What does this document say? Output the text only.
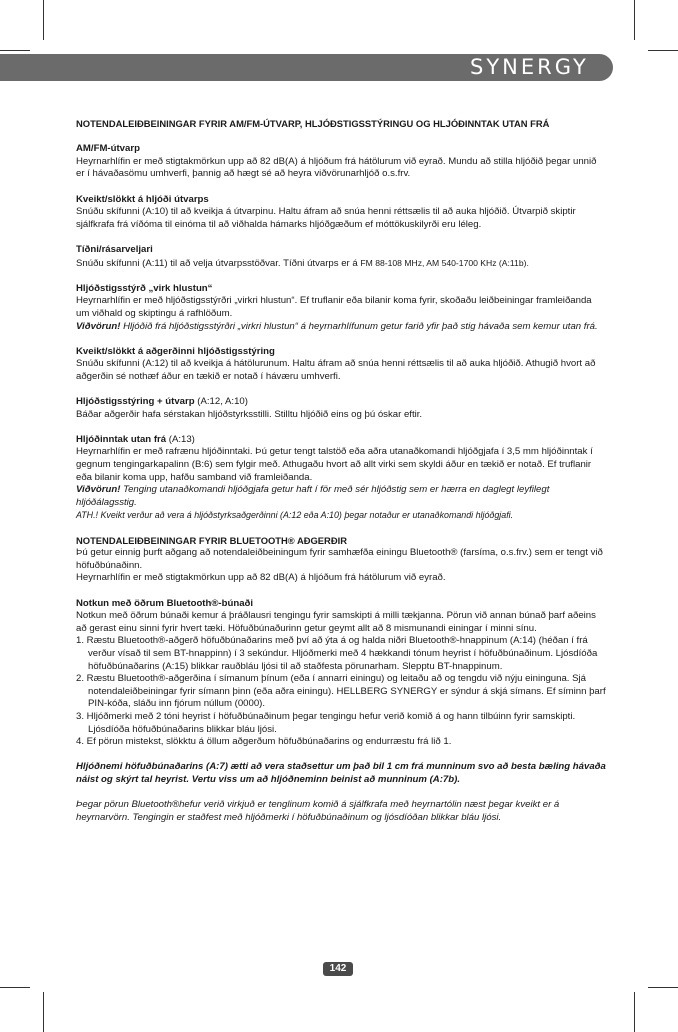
SYNERGY

NOTENDALEIÐBEININGAR FYRIR AM/FM-ÚTVARP, HLJÓÐSTIGSSTÝRINGU OG HLJÓÐINNTAK UTAN FRÁ

AM/FM-útvarp

Heyrnarhlífin er með stigtakmörkun upp að 82 dB(A) á hljóðum frá hátölurum við eyrað. Mundu að stilla hljóðið þegar unnið er í hávaðasömu umhverfi, þannig að hægt sé að heyra viðvörunarhljóð o.s.frv.

Kveikt/slökkt á hljóði útvarps

Snúðu skífunni (A:10) til að kveikja á útvarpinu. Haltu áfram að snúa henni réttsælis til að auka hljóðið. Útvarpið skiptir sjálfkrafa frá víðóma til einóma til að viðhalda hámarks hljóðgæðum ef móttökuskilyrði eru léleg.

Tíðni/rásarveljari

Snúðu skífunni (A:11) til að velja útvarpsstöðvar. Tíðni útvarps er á FM 88-108 MHz, AM 540-1700 KHz (A:11b).

Hljóðstigsstýrð „virk hlustun“

Heyrnarhlífin er með hljóðstigsstýrðri „virkri hlustun“. Ef truflanir eða bilanir koma fyrir, skoðaðu leiðbeiningar framleiðanda um viðhald og skiptingu á rafhlöðum.

Viðvörun! Hljóðið frá hljóðstigsstýrðri „virkri hlustun“ á heyrnarhlífunum getur farið yfir það stig hávaða sem kemur utan frá.

Kveikt/slökkt á aðgerðinni hljóðstigsstýring

Snúðu skífunni (A:12) til að kveikja á hátölurunum. Haltu áfram að snúa henni réttsælis til að auka hljóðið. Athugið hvort að aðgerðin sé nothæf áður en tækið er notað í háværu umhverfi.

Hljóðstigsstýring + útvarp (A:12, A:10)

Báðar aðgerðir hafa sérstakan hljóðstyrksstilli. Stilltu hljóðið eins og þú óskar eftir.

Hljóðinntak utan frá (A:13)

Heyrnarhlífin er með rafrænu hljóðinntaki. Þú getur tengt talstöð eða aðra utanaðkomandi hljóðgjafa í 3,5 mm hljóðinntak í gegnum tengingarkapalinn (B:6) sem fylgir með. Athugaðu hvort að allt virki sem skyldi áður en tækið er notað. Ef truflanir eða bilanir koma upp, hafðu samband við framleiðanda.

Viðvörun! Tenging utanaðkomandi hljóðgjafa getur haft í för með sér hljóðstig sem er hærra en daglegt leyfilegt hljóðálagsstig.

ATH.! Kveikt verður að vera á hljóðstyrksaðgerðinni (A:12 eða A:10) þegar notaður er utanaðkomandi hljóðgjafi.

NOTENDALEIÐBEININGAR FYRIR BLUETOOTH® AÐGERÐIR

Þú getur einnig þurft aðgang að notendaleiðbeiningum fyrir samhæfða einingu Bluetooth® (farsíma, o.s.frv.) sem er tengt við höfuðbúnaðinn.

Heyrnarhlífin er með stigtakmörkun upp að 82 dB(A) á hljóðum frá hátölurum við eyrað.

Notkun með öðrum Bluetooth®-búnaði

Notkun með öðrum búnaði kemur á þráðlausri tengingu fyrir samskipti á milli tækjanna. Pörun við annan búnað þarf aðeins að gerast einu sinni fyrir hvert tæki. Höfuðbúnaðurinn getur geymt allt að 8 mismunandi einingar í minni sínu.

1. Ræstu Bluetooth®-aðgerð höfuðbúnaðarins með því að ýta á og halda niðri Bluetooth®-hnappinum (A:14) (héðan í frá verður vísað til sem BT-hnappinn) í 3 sekúndur. Hljóðmerki með 4 hækkandi tónum heyrist í höfuðbúnaðinum. Ljósdíóða höfuðbúnaðarins (A:15) blikkar rauðbláu ljósi til að staðfesta pörunarham. Slepptu BT-hnappinum.
2. Ræstu Bluetooth®-aðgerðina í símanum þínum (eða í annarri einingu) og leitaðu að og tengdu við nýju eininguna. Sjá notendaleiðbeiningar fyrir símann þinn (eða aðra einingu). HELLBERG SYNERGY er sýndur á skjá símans. Ef síminn þarf PIN-kóða, sláðu inn fjórum núllum (0000).
3. Hljóðmerki með 2 tóni heyrist í höfuðbúnaðinum þegar tengingu hefur verið komið á og hann tilbúinn fyrir samskipti. Ljósdíóða höfuðbúnaðarins blikkar bláu ljósi.
4. Ef pörun mistekst, slökktu á öllum aðgerðum höfuðbúnaðarins og endurræstu frá lið 1.

Hljóðnemi höfuðbúnaðarins (A:7) ætti að vera staðsettur um það bil 1 cm frá munninum svo að besta bæling hávaða náist og skýrt tal heyrist. Vertu viss um að hljóðneminn beinist að munninum (A:7b).

Þegar pörun Bluetooth®hefur verið virkjuð er tenglinum komið á sjálfkrafa með heyrnartólin næst þegar kveikt er á heyrnarvörn. Tengingin er staðfest með hljóðmerki í höfuðbúnaðinum og ljósdíóðan blikkar bláu ljósi.

142
